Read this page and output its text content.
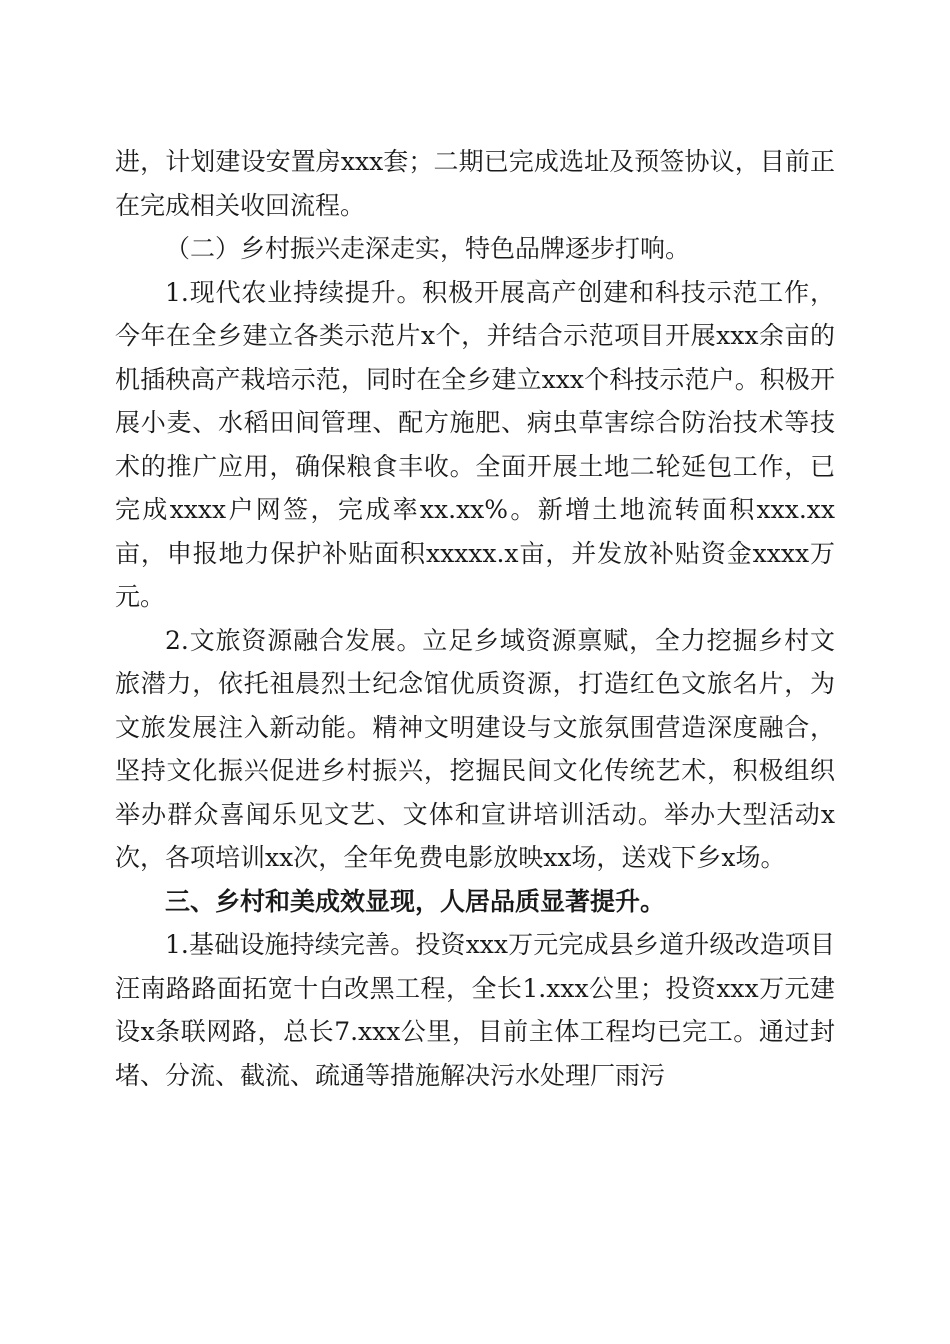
进，计划建设安置房xxx套；二期已完成选址及预签协议，目前正在完成相关收回流程。

（二）乡村振兴走深走实，特色品牌逐步打响。

1.现代农业持续提升。积极开展高产创建和科技示范工作，今年在全乡建立各类示范片x个，并结合示范项目开展xxx余亩的机插秧高产栽培示范，同时在全乡建立xxx个科技示范户。积极开展小麦、水稻田间管理、配方施肥、病虫草害综合防治技术等技术的推广应用，确保粮食丰收。全面开展土地二轮延包工作，已完成xxxx户网签，完成率xx.xx%。新增土地流转面积xxx.xx亩，申报地力保护补贴面积xxxxx.x亩，并发放补贴资金xxxx万元。

2.文旅资源融合发展。立足乡域资源禀赋，全力挖掘乡村文旅潜力，依托祖晨烈士纪念馆优质资源，打造红色文旅名片，为文旅发展注入新动能。精神文明建设与文旅氛围营造深度融合，坚持文化振兴促进乡村振兴，挖掘民间文化传统艺术，积极组织举办群众喜闻乐见文艺、文体和宣讲培训活动。举办大型活动x次，各项培训xx次，全年免费电影放映xx场，送戏下乡x场。

三、乡村和美成效显现，人居品质显著提升。

1.基础设施持续完善。投资xxx万元完成县乡道升级改造项目汪南路路面拓宽十白改黑工程，全长1.xxx公里；投资xxx万元建设x条联网路，总长7.xxx公里，目前主体工程均已完工。通过封堵、分流、截流、疏通等措施解决污水处理厂雨污
